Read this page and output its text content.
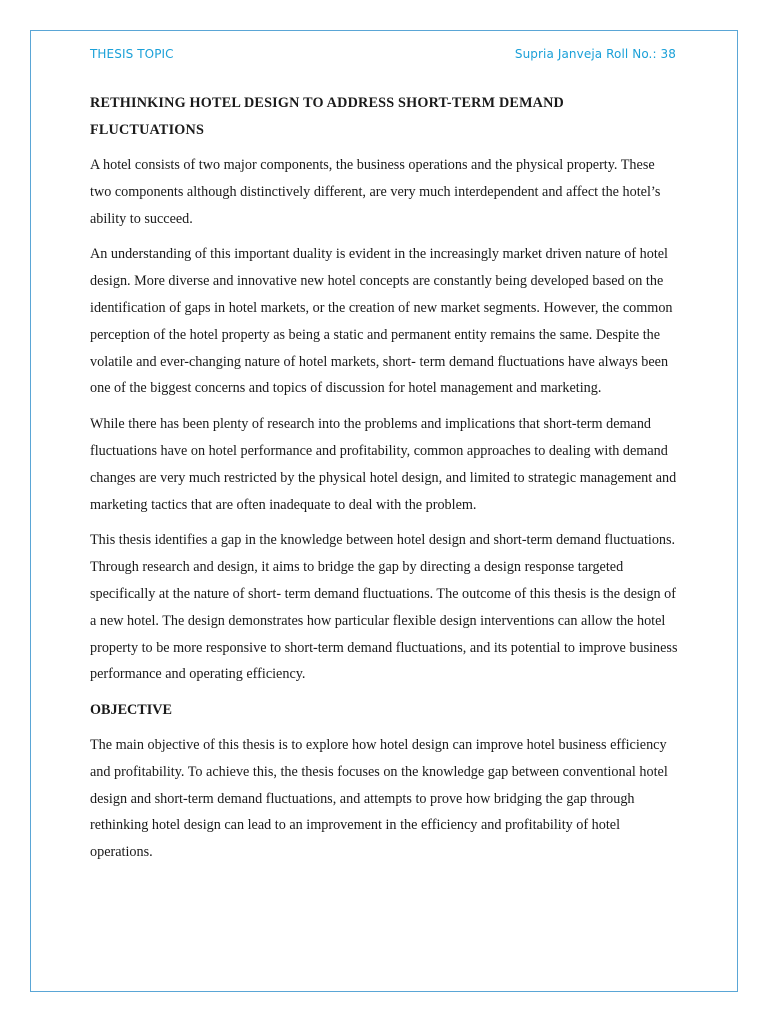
THESIS TOPIC	Supria Janveja Roll No.: 38
RETHINKING HOTEL DESIGN TO ADDRESS SHORT-TERM DEMAND FLUCTUATIONS

A hotel consists of two major components, the business operations and the physical property. These two components although distinctively different, are very much interdependent and affect the hotel’s ability to succeed.

An understanding of this important duality is evident in the increasingly market driven nature of hotel design. More diverse and innovative new hotel concepts are constantly being developed based on the identification of gaps in hotel markets, or the creation of new market segments. However, the common perception of the hotel property as being a static and permanent entity remains the same. Despite the volatile and ever-changing nature of hotel markets, short- term demand fluctuations have always been one of the biggest concerns and topics of discussion for hotel management and marketing.

While there has been plenty of research into the problems and implications that short-term demand fluctuations have on hotel performance and profitability, common approaches to dealing with demand changes are very much restricted by the physical hotel design, and limited to strategic management and marketing tactics that are often inadequate to deal with the problem.

This thesis identifies a gap in the knowledge between hotel design and short-term demand fluctuations. Through research and design, it aims to bridge the gap by directing a design response targeted specifically at the nature of short- term demand fluctuations. The outcome of this thesis is the design of a new hotel. The design demonstrates how particular flexible design interventions can allow the hotel property to be more responsive to short-term demand fluctuations, and its potential to improve business performance and operating efficiency.

OBJECTIVE

The main objective of this thesis is to explore how hotel design can improve hotel business efficiency and profitability. To achieve this, the thesis focuses on the knowledge gap between conventional hotel design and short-term demand fluctuations, and attempts to prove how bridging the gap through rethinking hotel design can lead to an improvement in the efficiency and profitability of hotel operations.
